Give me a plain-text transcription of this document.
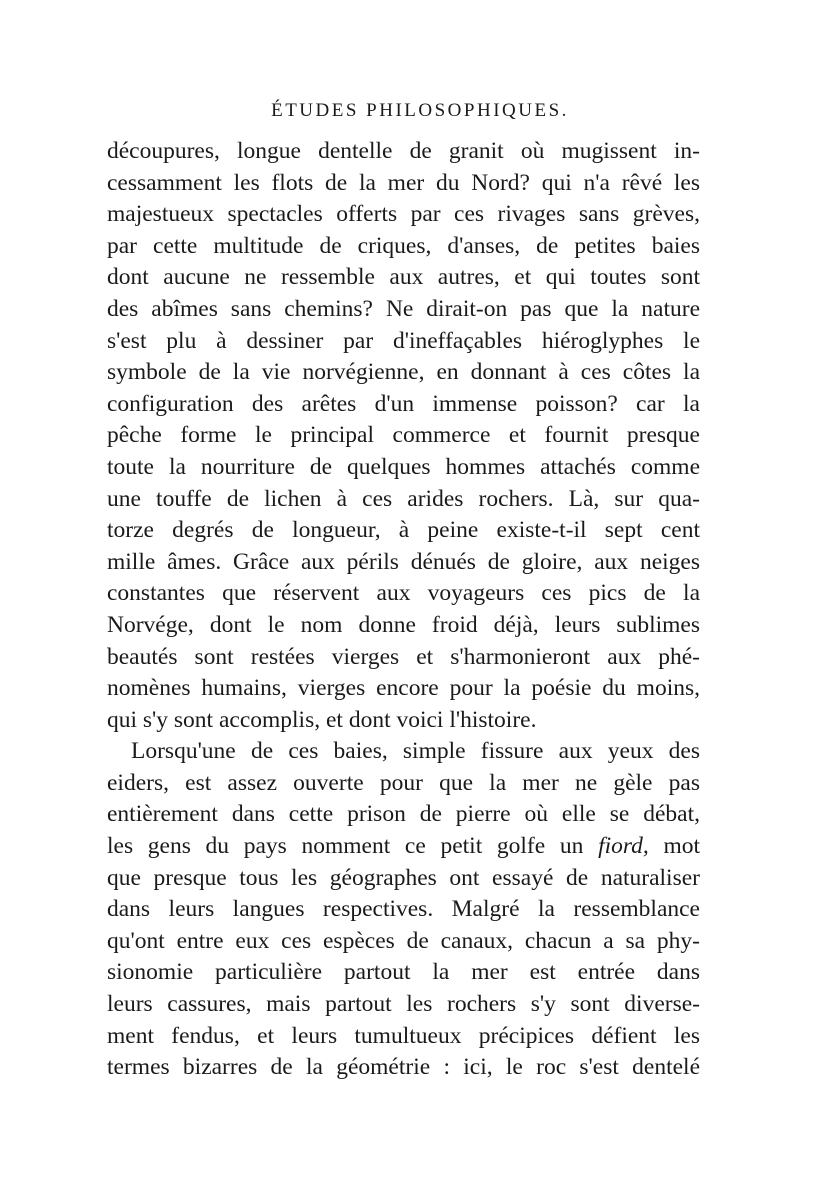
ÉTUDES PHILOSOPHIQUES.
découpures, longue dentelle de granit où mugissent in-
cessamment les flots de la mer du Nord? qui n'a rêvé les
majestueux spectacles offerts par ces rivages sans grèves,
par cette multitude de criques, d'anses, de petites baies
dont aucune ne ressemble aux autres, et qui toutes sont
des abîmes sans chemins? Ne dirait-on pas que la nature
s'est plu à dessiner par d'ineffaçables hiéroglyphes le
symbole de la vie norvégienne, en donnant à ces côtes la
configuration des arêtes d'un immense poisson? car la
pêche forme le principal commerce et fournit presque
toute la nourriture de quelques hommes attachés comme
une touffe de lichen à ces arides rochers. Là, sur qua-
torze degrés de longueur, à peine existe-t-il sept cent
mille âmes. Grâce aux périls dénués de gloire, aux neiges
constantes que réservent aux voyageurs ces pics de la
Norvége, dont le nom donne froid déjà, leurs sublimes
beautés sont restées vierges et s'harmonieront aux phé-
nomènes humains, vierges encore pour la poésie du moins,
qui s'y sont accomplis, et dont voici l'histoire.
Lorsqu'une de ces baies, simple fissure aux yeux des
eiders, est assez ouverte pour que la mer ne gèle pas
entièrement dans cette prison de pierre où elle se débat,
les gens du pays nomment ce petit golfe un fiord, mot
que presque tous les géographes ont essayé de naturaliser
dans leurs langues respectives. Malgré la ressemblance
qu'ont entre eux ces espèces de canaux, chacun a sa phy-
sionomie particulière partout la mer est entrée dans
leurs cassures, mais partout les rochers s'y sont diverse-
ment fendus, et leurs tumultueux précipices défient les
termes bizarres de la géométrie : ici, le roc s'est dentelé
